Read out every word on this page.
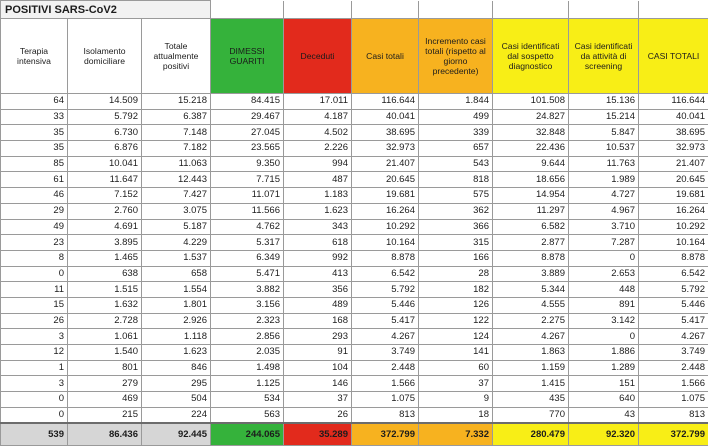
POSITIVI SARS-CoV2									
Terapia intensiva	Isolamento domiciliare	Totale attualmente positivi	DIMESSI GUARITI	Deceduti	Casi totali	Incremento casi totali (rispetto al giorno precedente)	Casi identificati dal sospetto diagnostico	Casi identificati da attività di screening	CASI TOTALI
64	14.509	15.218	84.415	17.011	116.644	1.844	101.508	15.136	116.644
33	5.792	6.387	29.467	4.187	40.041	499	24.827	15.214	40.041
35	6.730	7.148	27.045	4.502	38.695	339	32.848	5.847	38.695
35	6.876	7.182	23.565	2.226	32.973	657	22.436	10.537	32.973
85	10.041	11.063	9.350	994	21.407	543	9.644	11.763	21.407
61	11.647	12.443	7.715	487	20.645	818	18.656	1.989	20.645
46	7.152	7.427	11.071	1.183	19.681	575	14.954	4.727	19.681
29	2.760	3.075	11.566	1.623	16.264	362	11.297	4.967	16.264
49	4.691	5.187	4.762	343	10.292	366	6.582	3.710	10.292
23	3.895	4.229	5.317	618	10.164	315	2.877	7.287	10.164
8	1.465	1.537	6.349	992	8.878	166	8.878	0	8.878
0	638	658	5.471	413	6.542	28	3.889	2.653	6.542
11	1.515	1.554	3.882	356	5.792	182	5.344	448	5.792
15	1.632	1.801	3.156	489	5.446	126	4.555	891	5.446
26	2.728	2.926	2.323	168	5.417	122	2.275	3.142	5.417
3	1.061	1.118	2.856	293	4.267	124	4.267	0	4.267
12	1.540	1.623	2.035	91	3.749	141	1.863	1.886	3.749
1	801	846	1.498	104	2.448	60	1.159	1.289	2.448
3	279	295	1.125	146	1.566	37	1.415	151	1.566
0	469	504	534	37	1.075	9	435	640	1.075
0	215	224	563	26	813	18	770	43	813
539	86.436	92.445	244.065	35.289	372.799	7.332	280.479	92.320	372.799
